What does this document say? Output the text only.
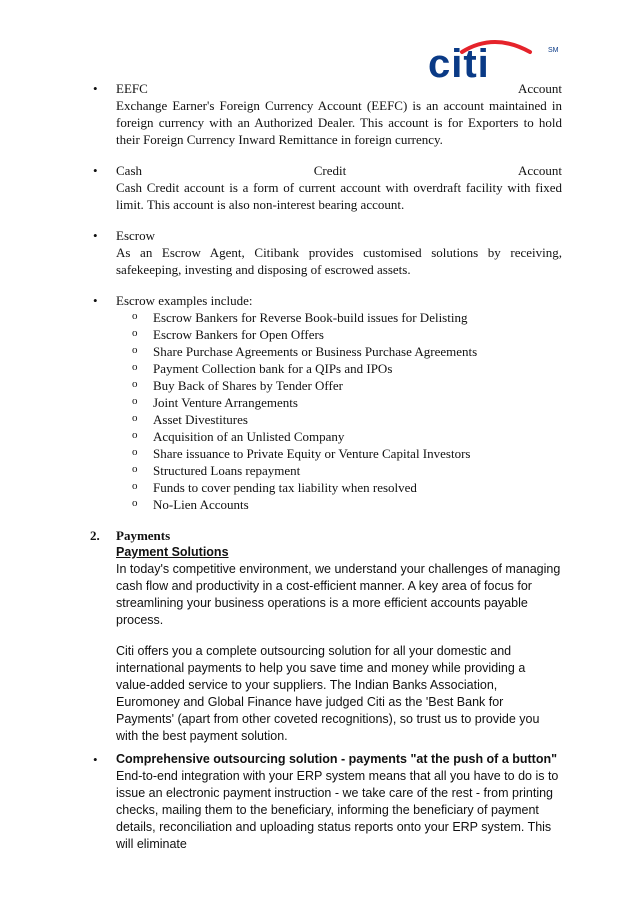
citi	SM
• EEFC	Account
Exchange Earner's Foreign Currency Account (EEFC) is an account maintained in foreign currency with an Authorized Dealer. This account is for Exporters to hold their Foreign Currency Inward Remittance in foreign currency.
• Cash	Credit	Account
Cash Credit account is a form of current account with overdraft facility with fixed limit. This account is also non-interest bearing account.
• Escrow
As an Escrow Agent, Citibank provides customised solutions by receiving, safekeeping, investing and disposing of escrowed assets.
• Escrow examples include:
o Escrow Bankers for Reverse Book-build issues for Delisting
o Escrow Bankers for Open Offers
o Share Purchase Agreements or Business Purchase Agreements
o Payment Collection bank for a QIPs and IPOs
o Buy Back of Shares by Tender Offer
o Joint Venture Arrangements
o Asset Divestitures
o Acquisition of an Unlisted Company
o Share issuance to Private Equity or Venture Capital Investors
o Structured Loans repayment
o Funds to cover pending tax liability when resolved
o No-Lien Accounts
2. Payments
Payment Solutions

In today's competitive environment, we understand your challenges of managing cash flow and productivity in a cost-efficient manner. A key area of focus for streamlining your business operations is a more efficient accounts payable process.

Citi offers you a complete outsourcing solution for all your domestic and international payments to help you save time and money while providing a value-added service to your suppliers. The Indian Banks Association, Euromoney and Global Finance have judged Citi as the 'Best Bank for Payments' (apart from other coveted recognitions), so trust us to provide you with the best payment solution.

• Comprehensive outsourcing solution - payments "at the push of a button"
End-to-end integration with your ERP system means that all you have to do is to issue an electronic payment instruction - we take care of the rest - from printing checks, mailing them to the beneficiary, informing the beneficiary of payment details, reconciliation and uploading status reports onto your ERP system. This will eliminate
